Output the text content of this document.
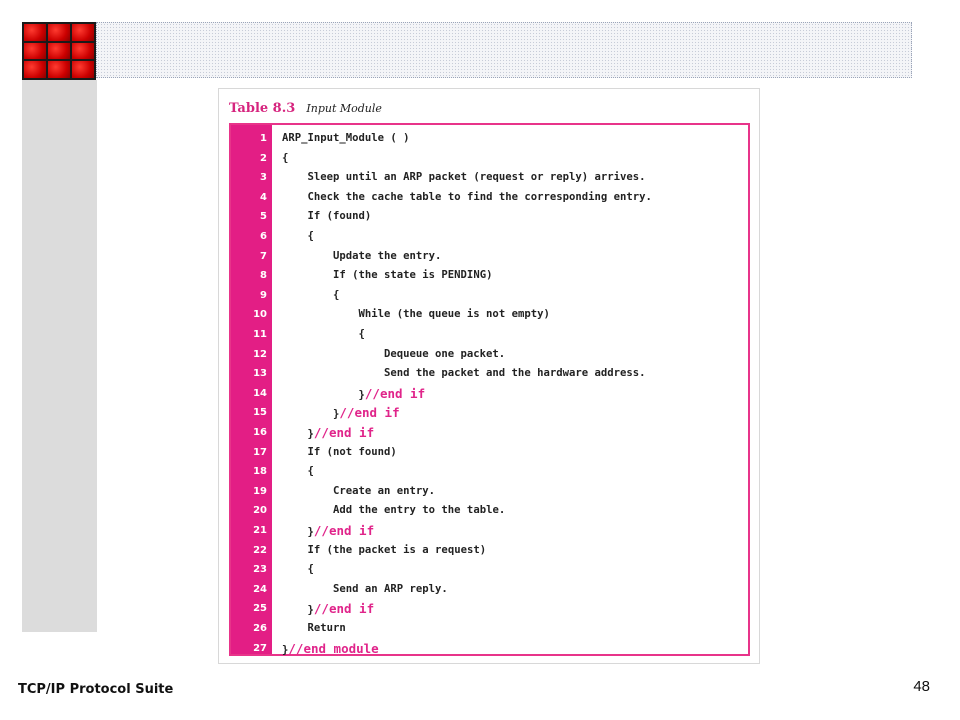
Table 8.3 Input Module
1 ARP_Input_Module ( )
2 {
3	Sleep until an ARP packet (request or reply) arrives.
4	Check the cache table to find the corresponding entry.
5	If (found)
6	{
7	Update the entry.
8	If (the state is PENDING)
9	{
10	While (the queue is not empty)
11	{
12	Dequeue one packet.
13	Send the packet and the hardware address.
14	}//end if
15	}//end if
16	}//end if
17	If (not found)
18	{
19	Create an entry.
20	Add the entry to the table.
21	}//end if
22	If (the packet is a request)
23	{
24	Send an ARP reply.
25	}//end if
26	Return
27 }//end module
TCP/IP Protocol Suite	48
